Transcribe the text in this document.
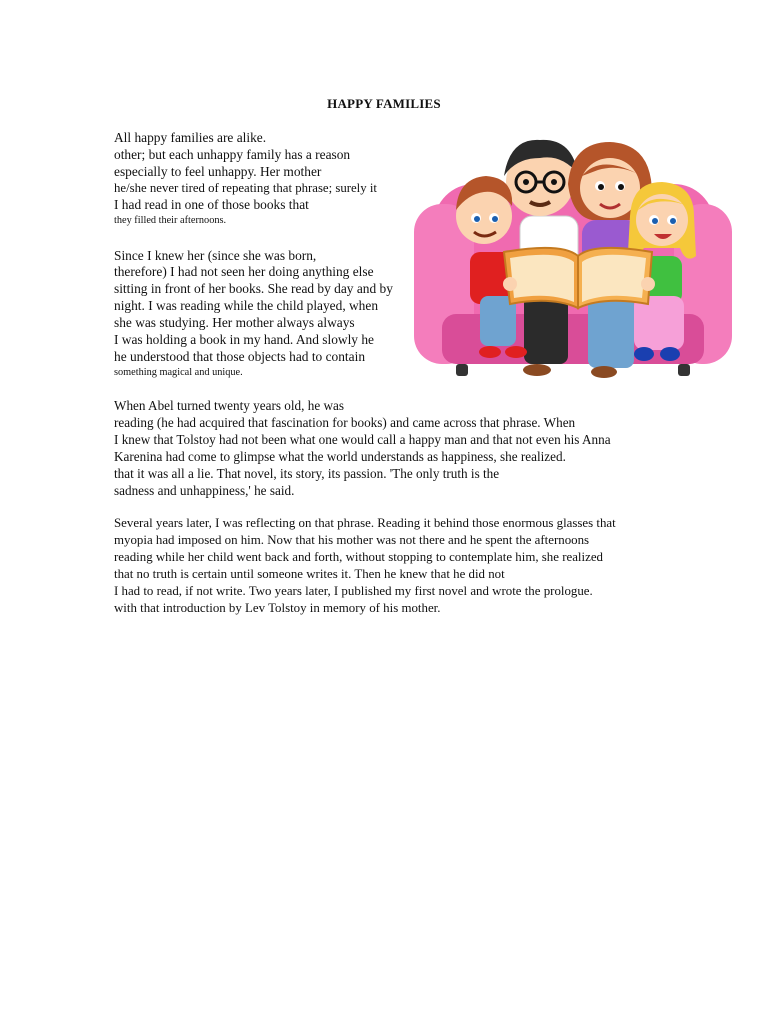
HAPPY FAMILIES
All happy families are alike.
other; but each unhappy family has a reason
especially to feel unhappy. Her mother
he/she never tired of repeating that phrase; surely it
I had read in one of those books that
they filled their afternoons.
Since I knew her (since she was born,
therefore) I had not seen her doing anything else
sitting in front of her books. She read by day and by
night. I was reading while the child played, when
she was studying. Her mother always always
I was holding a book in my hand. And slowly he
he understood that those objects had to contain
something magical and unique.
When Abel turned twenty years old, he was
reading (he had acquired that fascination for books) and came across that phrase. When
I knew that Tolstoy had not been what one would call a happy man and that not even his Anna
Karenina had come to glimpse what the world understands as happiness, she realized.
that it was all a lie. That novel, its story, its passion. 'The only truth is the
sadness and unhappiness,' he said.
Several years later, I was reflecting on that phrase. Reading it behind those enormous glasses that
myopia had imposed on him. Now that his mother was not there and he spent the afternoons
reading while her child went back and forth, without stopping to contemplate him, she realized
that no truth is certain until someone writes it. Then he knew that he did not
I had to read, if not write. Two years later, I published my first novel and wrote the prologue.
with that introduction by Lev Tolstoy in memory of his mother.
